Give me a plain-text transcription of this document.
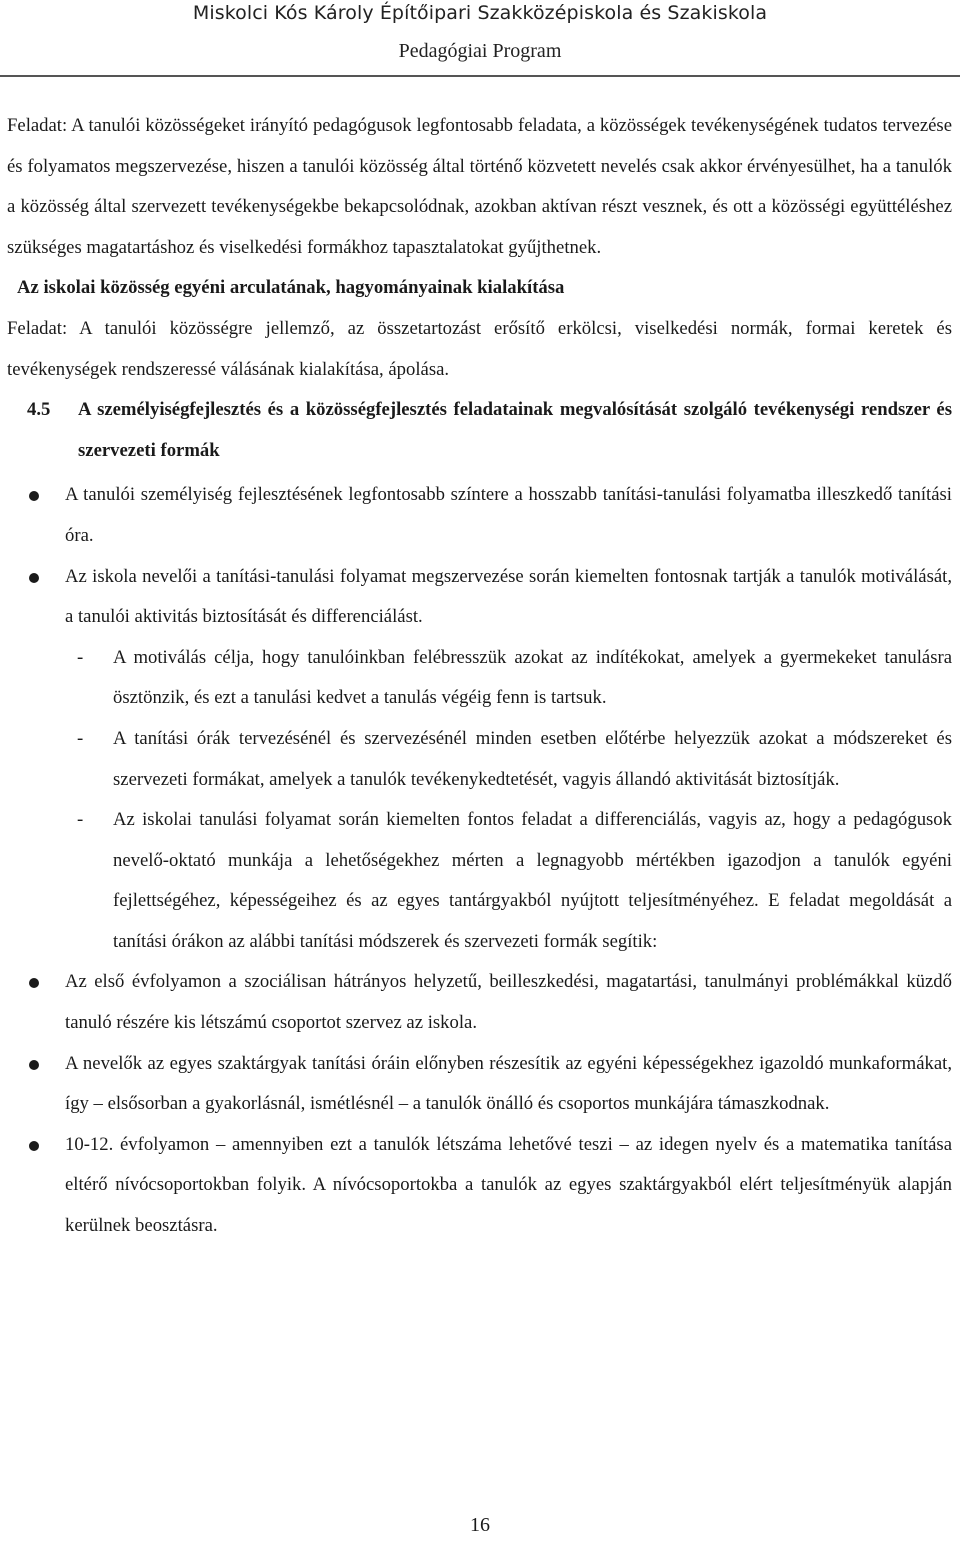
Miskolci Kós Károly Építőipari Szakközépiskola és Szakiskola
Pedagógiai Program

Feladat: A tanulói közösségeket irányító pedagógusok legfontosabb feladata, a közösségek tevékenységének tudatos tervezése és folyamatos megszervezése, hiszen a tanulói közösség által történő közvetett nevelés csak akkor érvényesülhet, ha a tanulók a közösség által szervezett tevékenységekbe bekapcsolódnak, azokban aktívan részt vesznek, és ott a közösségi együttéléshez szükséges magatartáshoz és viselkedési formákhoz tapasztalatokat gyűjthetnek.

Az iskolai közösség egyéni arculatának, hagyományainak kialakítása

Feladat: A tanulói közösségre jellemző, az összetartozást erősítő erkölcsi, viselkedési normák, formai keretek és tevékenységek rendszeressé válásának kialakítása, ápolása.

4.5	A személyiségfejlesztés és a közösségfejlesztés feladatainak megvalósítását szolgáló tevékenységi rendszer és szervezeti formák
A tanulói személyiség fejlesztésének legfontosabb színtere a hosszabb tanítási-tanulási folyamatba illeszkedő tanítási óra.
Az iskola nevelői a tanítási-tanulási folyamat megszervezése során kiemelten fontosnak tartják a tanulók motiválását, a tanulói aktivitás biztosítását és differenciálást.
- A motiválás célja, hogy tanulóinkban felébresszük azokat az indítékokat, amelyek a gyermekeket tanulásra ösztönzik, és ezt a tanulási kedvet a tanulás végéig fenn is tartsuk.
- A tanítási órák tervezésénél és szervezésénél minden esetben előtérbe helyezzük azokat a módszereket és szervezeti formákat, amelyek a tanulók tevékenykedtetését, vagyis állandó aktivitását biztosítják.
- Az iskolai tanulási folyamat során kiemelten fontos feladat a differenciálás, vagyis az, hogy a pedagógusok nevelő-oktató munkája a lehetőségekhez mérten a legnagyobb mértékben igazodjon a tanulók egyéni fejlettségéhez, képességeihez és az egyes tantárgyakból nyújtott teljesítményéhez. E feladat megoldását a tanítási órákon az alábbi tanítási módszerek és szervezeti formák segítik:
Az első évfolyamon a szociálisan hátrányos helyzetű, beilleszkedési, magatartási, tanulmányi problémákkal küzdő tanuló részére kis létszámú csoportot szervez az iskola.
A nevelők az egyes szaktárgyak tanítási óráin előnyben részesítik az egyéni képességekhez igazoldó munkaformákat, így – elsősorban a gyakorlásnál, ismétlésnél – a tanulók önálló és csoportos munkájára támaszkodnak.
10-12. évfolyamon – amennyiben ezt a tanulók létszáma lehetővé teszi – az idegen nyelv és a matematika tanítása eltérő nívócsoportokban folyik. A nívócsoportokba a tanulók az egyes szaktárgyakból elért teljesítményük alapján kerülnek beosztásra.
16
